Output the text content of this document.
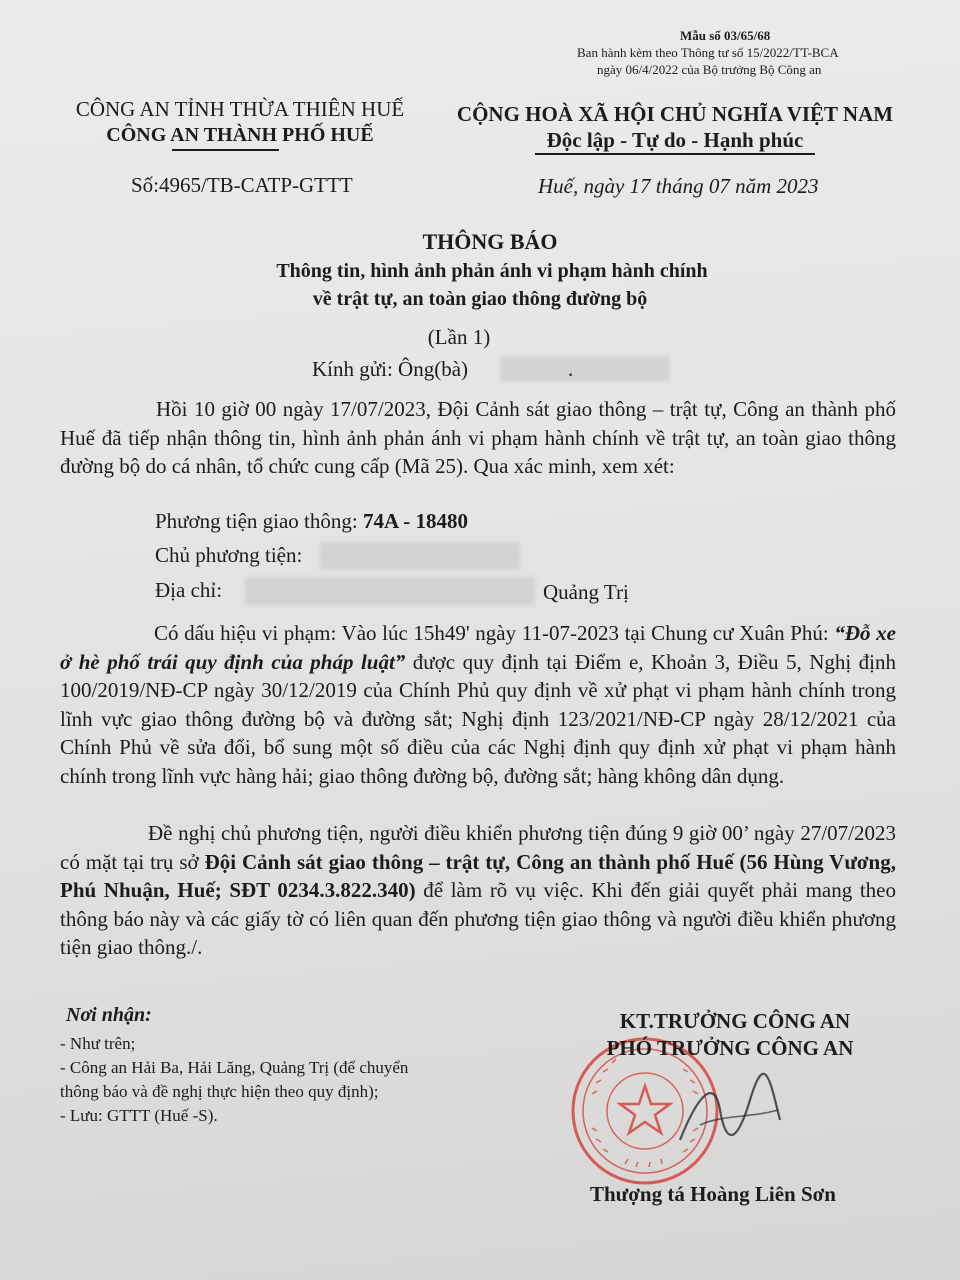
Mẫu số 03/65/68
Ban hành kèm theo Thông tư số 15/2022/TT-BCA
ngày 06/4/2022 của Bộ trưởng Bộ Công an
CÔNG AN TỈNH THỪA THIÊN HUẾ
CÔNG AN THÀNH PHỐ HUẾ
Số:4965/TB-CATP-GTTT
CỘNG HOÀ XÃ HỘI CHỦ NGHĨA VIỆT NAM
Độc lập - Tự do - Hạnh phúc
Huế, ngày 17 tháng 07 năm 2023
THÔNG BÁO
Thông tin, hình ảnh phản ánh vi phạm hành chính
về trật tự, an toàn giao thông đường bộ
(Lần 1)
Kính gửi: Ông(bà)	.
Hồi 10 giờ 00 ngày 17/07/2023, Đội Cảnh sát giao thông – trật tự, Công an thành phố Huế đã tiếp nhận thông tin, hình ảnh phản ánh vi phạm hành chính về trật tự, an toàn giao thông đường bộ do cá nhân, tổ chức cung cấp (Mã 25). Qua xác minh, xem xét:
Phương tiện giao thông: 74A - 18480
Chủ phương tiện:
Địa chỉ:	Quảng Trị
Có dấu hiệu vi phạm: Vào lúc 15h49' ngày 11-07-2023 tại Chung cư Xuân Phú: “Đỗ xe ở hè phố trái quy định của pháp luật” được quy định tại Điểm e, Khoản 3, Điều 5, Nghị định 100/2019/NĐ-CP ngày 30/12/2019 của Chính Phủ quy định về xử phạt vi phạm hành chính trong lĩnh vực giao thông đường bộ và đường sắt; Nghị định 123/2021/NĐ-CP ngày 28/12/2021 của Chính Phủ về sửa đổi, bổ sung một số điều của các Nghị định quy định xử phạt vi phạm hành chính trong lĩnh vực hàng hải; giao thông đường bộ, đường sắt; hàng không dân dụng.
Đề nghị chủ phương tiện, người điều khiển phương tiện đúng 9 giờ 00’ ngày 27/07/2023 có mặt tại trụ sở Đội Cảnh sát giao thông – trật tự, Công an thành phố Huế (56 Hùng Vương, Phú Nhuận, Huế; SĐT 0234.3.822.340) để làm rõ vụ việc. Khi đến giải quyết phải mang theo thông báo này và các giấy tờ có liên quan đến phương tiện giao thông và người điều khiển phương tiện giao thông./.
Nơi nhận:
- Như trên;
- Công an Hải Ba, Hải Lăng, Quảng Trị (để chuyển
thông báo và đề nghị thực hiện theo quy định);
- Lưu: GTTT (Huế -S).
KT.TRƯỞNG CÔNG AN
PHÓ TRƯỞNG CÔNG AN
Thượng tá Hoàng Liên Sơn
